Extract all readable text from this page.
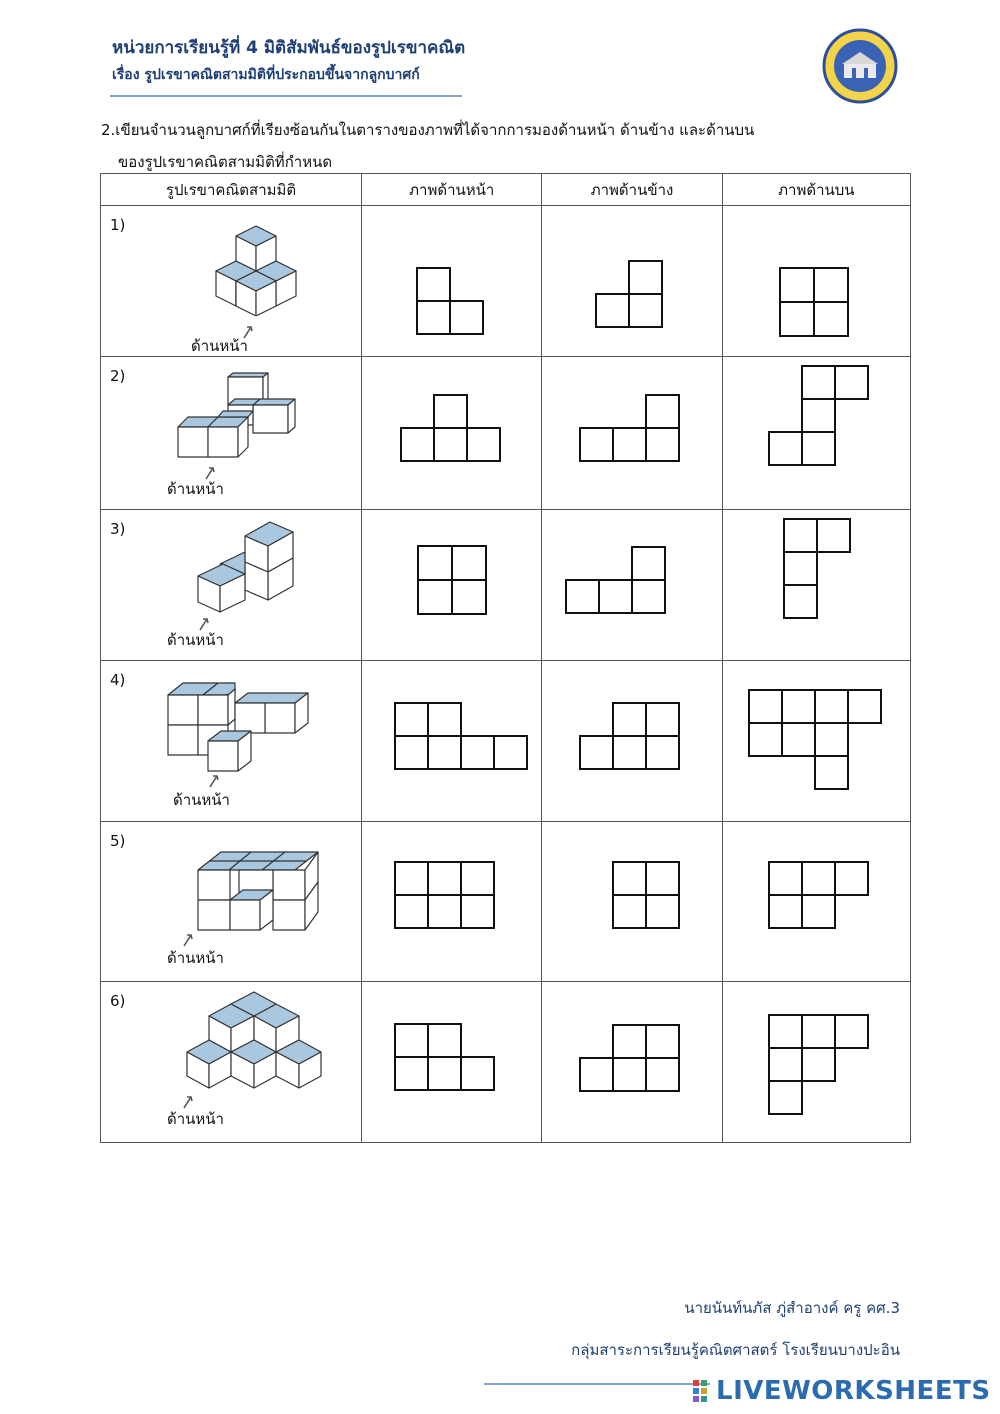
หน่วยการเรียนรู้ที่ 4 มิติสัมพันธ์ของรูปเรขาคณิต
เรื่อง รูปเรขาคณิตสามมิติที่ประกอบขึ้นจากลูกบาศก์
2.เขียนจำนวนลูกบาศก์ที่เรียงซ้อนกันในตารางของภาพที่ได้จากการมองด้านหน้า ด้านข้าง และด้านบน
ของรูปเรขาคณิตสามมิติที่กำหนด
รูปเรขาคณิตสามมิติ	ภาพด้านหน้า	ภาพด้านข้าง	ภาพด้านบน

1)
ด้านหน้า

2)
ด้านหน้า

3)
ด้านหน้า

4)
ด้านหน้า

5)
ด้านหน้า

6)
ด้านหน้า

นายนันท์นภัส ภู่สำอางค์ ครู คศ.3
กลุ่มสาระการเรียนรู้คณิตศาสตร์ โรงเรียนบางปะอิน
LIVEWORKSHEETS
